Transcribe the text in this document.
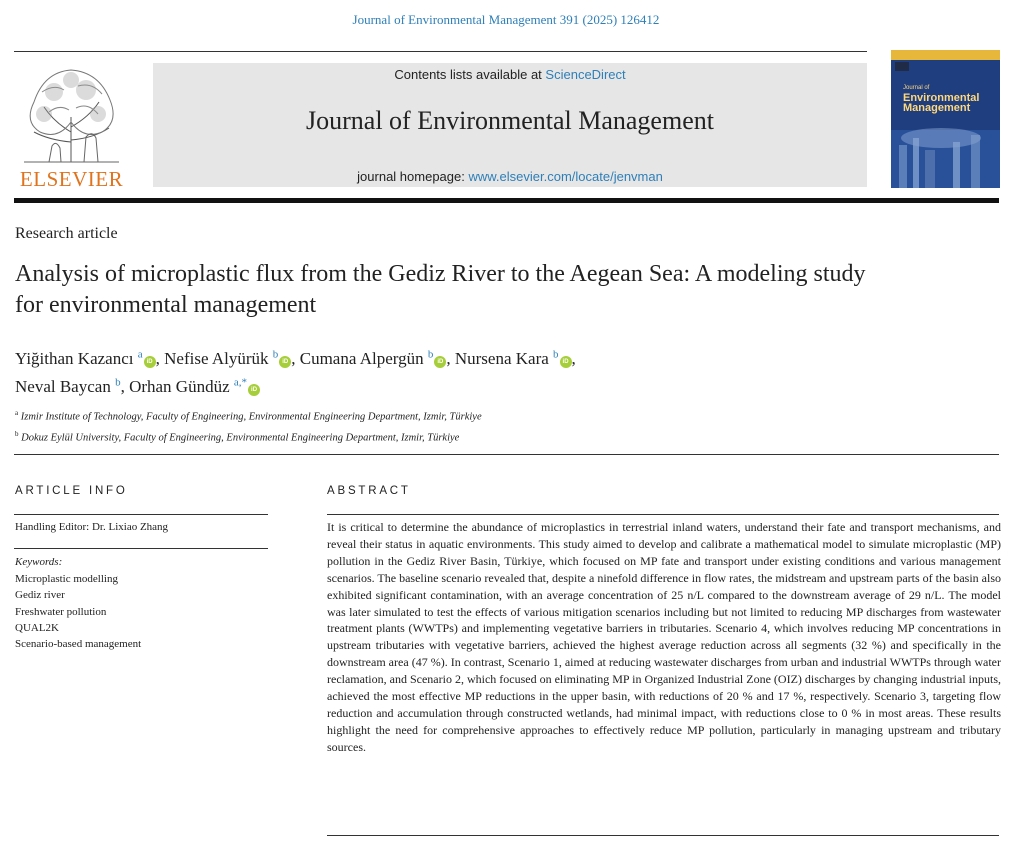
Journal of Environmental Management 391 (2025) 126412
ELSEVIER
Contents lists available at ScienceDirect
Journal of Environmental Management
journal homepage: www.elsevier.com/locate/jenvman
Journal of
Environmental
Management
Research article
Analysis of microplastic flux from the Gediz River to the Aegean Sea: A modeling study for environmental management
Yiğithan Kazancı $^a$iD , Nefise Alyürük $^b$iD , Cumana Alpergün $^b$iD , Nursena Kara $^b$iD ,
Neval Baycan $^b$, Orhan Gündüz $^{a,*}$iD
$^a$ Izmir Institute of Technology, Faculty of Engineering, Environmental Engineering Department, Izmir, Türkiye
$^b$ Dokuz Eylül University, Faculty of Engineering, Environmental Engineering Department, Izmir, Türkiye
ARTICLE INFO
Handling Editor: Dr. Lixiao Zhang
Keywords:
Microplastic modelling
Gediz river
Freshwater pollution
QUAL2K
Scenario-based management
ABSTRACT
It is critical to determine the abundance of microplastics in terrestrial inland waters, understand their fate and transport mechanisms, and reveal their status in aquatic environments. This study aimed to develop and calibrate a mathematical model to simulate microplastic (MP) pollution in the Gediz River Basin, Türkiye, which focused on MP fate and transport under existing conditions and various management scenarios. The baseline scenario revealed that, despite a ninefold difference in flow rates, the midstream and upstream parts of the basin also exhibited significant contamination, with an average concentration of 25 n/L compared to the downstream average of 29 n/L. The model was later simulated to test the effects of various mitigation scenarios including but not limited to reducing MP discharges from wastewater treatment plants (WWTPs) and implementing vegetative barriers in tributaries. Scenario 4, which involves reducing MP concentrations in upstream tributaries with vegetative barriers, achieved the highest average reduction across all segments (32 %) and specifically in the downstream area (47 %). In contrast, Scenario 1, aimed at reducing wastewater discharges from urban and industrial WWTPs through water reclamation, and Scenario 2, which focused on eliminating MP in Organized Industrial Zone (OIZ) discharges by changing industrial inputs, achieved the most effective MP reductions in the upper basin, with reductions of 20 % and 17 %, respectively. Scenario 3, targeting flow reduction and accumulation through constructed wetlands, had minimal impact, with reductions close to 0 % in most areas. These results highlight the need for comprehensive approaches to effectively reduce MP pollution, particularly in managing upstream and tributary sources.
